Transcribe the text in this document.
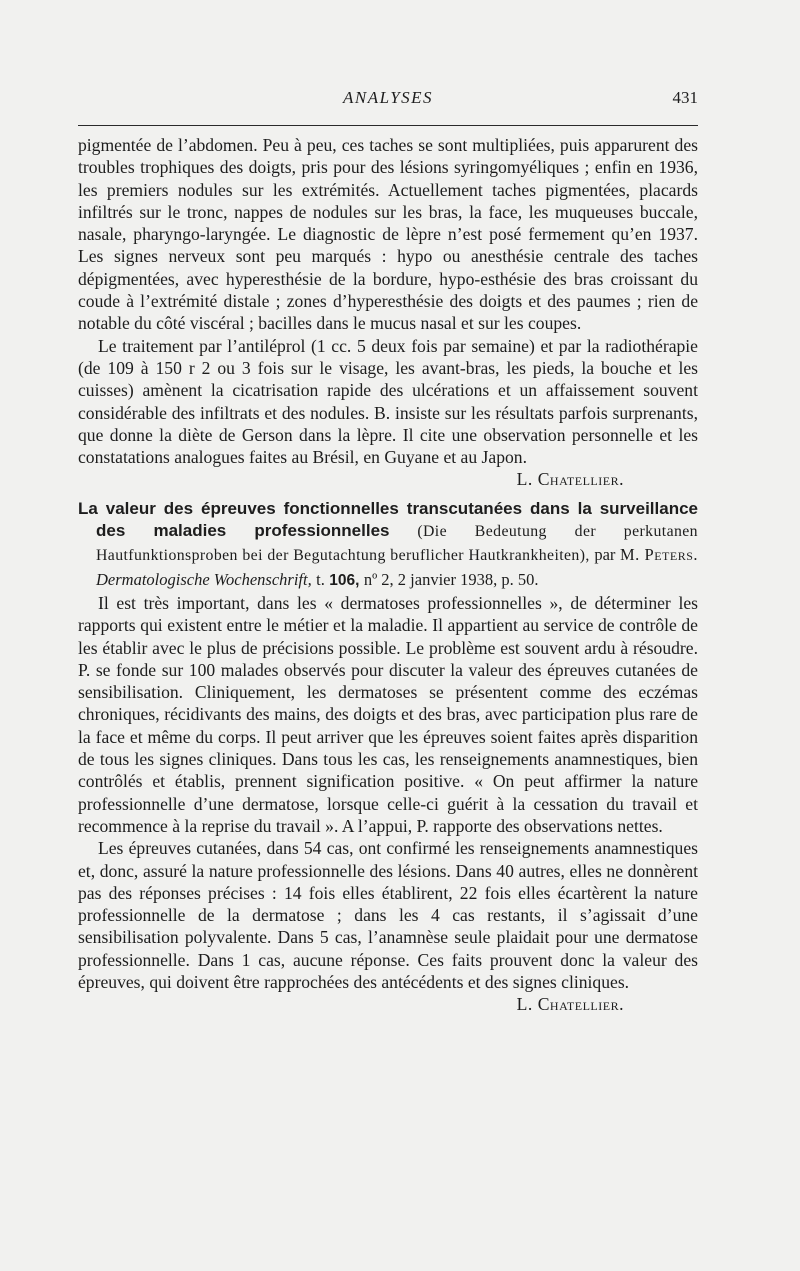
ANALYSES	431

pigmentée de l’abdomen. Peu à peu, ces taches se sont multipliées, puis apparurent des troubles trophiques des doigts, pris pour des lésions syringomyéliques ; enfin en 1936, les premiers nodules sur les extrémités. Actuellement taches pigmentées, placards infiltrés sur le tronc, nappes de nodules sur les bras, la face, les muqueuses buccale, nasale, pharyngo-laryngée. Le diagnostic de lèpre n’est posé fermement qu’en 1937. Les signes nerveux sont peu marqués : hypo ou anesthésie centrale des taches dépigmentées, avec hyperesthésie de la bordure, hypo-esthésie des bras croissant du coude à l’extrémité distale ; zones d’hyperesthésie des doigts et des paumes ; rien de notable du côté viscéral ; bacilles dans le mucus nasal et sur les coupes.

Le traitement par l’antiléprol (1 cc. 5 deux fois par semaine) et par la radiothérapie (de 109 à 150 r 2 ou 3 fois sur le visage, les avant-bras, les pieds, la bouche et les cuisses) amènent la cicatrisation rapide des ulcérations et un affaissement souvent considérable des infiltrats et des nodules. B. insiste sur les résultats parfois surprenants, que donne la diète de Gerson dans la lèpre. Il cite une observation personnelle et les constatations analogues faites au Brésil, en Guyane et au Japon.

L. Chatellier.

La valeur des épreuves fonctionnelles transcutanées dans la surveillance des maladies professionnelles (Die Bedeutung der perkutanen Hautfunktionsproben bei der Begutachtung beruflicher Hautkrankheiten), par M. Peters. Dermatologische Wochenschrift, t. 106, nº 2, 2 janvier 1938, p. 50.

Il est très important, dans les « dermatoses professionnelles », de déterminer les rapports qui existent entre le métier et la maladie. Il appartient au service de contrôle de les établir avec le plus de précisions possible. Le problème est souvent ardu à résoudre. P. se fonde sur 100 malades observés pour discuter la valeur des épreuves cutanées de sensibilisation. Cliniquement, les dermatoses se présentent comme des eczémas chroniques, récidivants des mains, des doigts et des bras, avec participation plus rare de la face et même du corps. Il peut arriver que les épreuves soient faites après disparition de tous les signes cliniques. Dans tous les cas, les renseignements anamnestiques, bien contrôlés et établis, prennent signification positive. « On peut affirmer la nature professionnelle d’une dermatose, lorsque celle-ci guérit à la cessation du travail et recommence à la reprise du travail ». A l’appui, P. rapporte des observations nettes.

Les épreuves cutanées, dans 54 cas, ont confirmé les renseignements anamnestiques et, donc, assuré la nature professionnelle des lésions. Dans 40 autres, elles ne donnèrent pas des réponses précises : 14 fois elles établirent, 22 fois elles écartèrent la nature professionnelle de la dermatose ; dans les 4 cas restants, il s’agissait d’une sensibilisation polyvalente. Dans 5 cas, l’anamnèse seule plaidait pour une dermatose professionnelle. Dans 1 cas, aucune réponse. Ces faits prouvent donc la valeur des épreuves, qui doivent être rapprochées des antécédents et des signes cliniques.

L. Chatellier.
